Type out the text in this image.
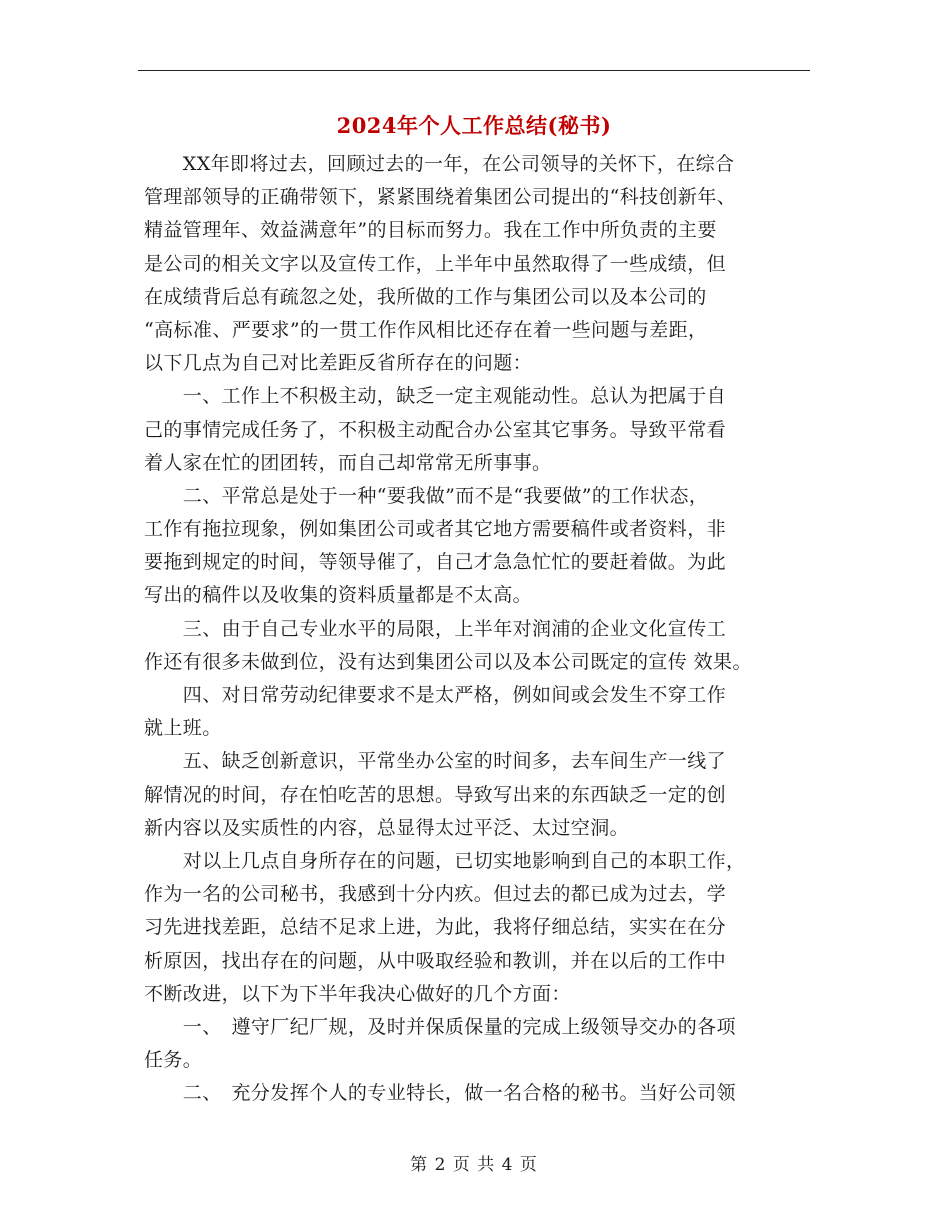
2024年个人工作总结(秘书)
　　XX年即将过去，回顾过去的一年，在公司领导的关怀下，在综合
管理部领导的正确带领下，紧紧围绕着集团公司提出的“科技创新年、
精益管理年、效益满意年”的目标而努力。我在工作中所负责的主要
是公司的相关文字以及宣传工作，上半年中虽然取得了一些成绩，但
在成绩背后总有疏忽之处，我所做的工作与集团公司以及本公司的
“高标准、严要求”的一贯工作作风相比还存在着一些问题与差距，
以下几点为自己对比差距反省所存在的问题：
　　一、工作上不积极主动，缺乏一定主观能动性。总认为把属于自
己的事情完成任务了，不积极主动配合办公室其它事务。导致平常看
着人家在忙的团团转，而自己却常常无所事事。
　　二、平常总是处于一种“要我做”而不是“我要做”的工作状态，
工作有拖拉现象，例如集团公司或者其它地方需要稿件或者资料，非
要拖到规定的时间，等领导催了，自己才急急忙忙的要赶着做。为此
写出的稿件以及收集的资料质量都是不太高。
　　三、由于自己专业水平的局限，上半年对润浦的企业文化宣传工
作还有很多未做到位，没有达到集团公司以及本公司既定的宣传 效果。
　　四、对日常劳动纪律要求不是太严格，例如间或会发生不穿工作
就上班。
　　五、缺乏创新意识，平常坐办公室的时间多，去车间生产一线了
解情况的时间，存在怕吃苦的思想。导致写出来的东西缺乏一定的创
新内容以及实质性的内容，总显得太过平泛、太过空洞。
　　对以上几点自身所存在的问题，已切实地影响到自己的本职工作，
作为一名的公司秘书，我感到十分内疚。但过去的都已成为过去，学
习先进找差距，总结不足求上进，为此，我将仔细总结，实实在在分
析原因，找出存在的问题，从中吸取经验和教训，并在以后的工作中
不断改进，以下为下半年我决心做好的几个方面：
　　一、　遵守厂纪厂规，及时并保质保量的完成上级领导交办的各项
任务。
　　二、　充分发挥个人的专业特长，做一名合格的秘书。当好公司领
第 2 页 共 4 页
